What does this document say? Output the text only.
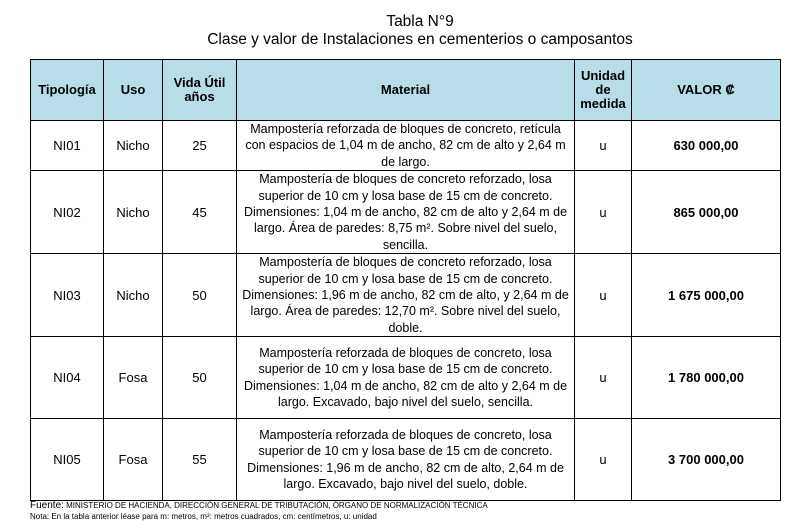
Tabla N°9
Clase y valor de Instalaciones en cementerios o camposantos
Tipología	Uso	Vida Útil años	Material	Unidad de medida	VALOR ₡
NI01	Nicho	25	Mampostería reforzada de bloques de concreto, retícula con espacios de 1,04 m de ancho, 82 cm de alto y 2,64 m de largo.	u	630 000,00
NI02	Nicho	45	Mampostería de bloques de concreto reforzado, losa superior de 10 cm y losa base de 15 cm de concreto. Dimensiones: 1,04 m de ancho, 82 cm de alto y 2,64 m de largo. Área de paredes: 8,75 m². Sobre nivel del suelo, sencilla.	u	865 000,00
NI03	Nicho	50	Mampostería de bloques de concreto reforzado, losa superior de 10 cm y losa base de 15 cm de concreto. Dimensiones: 1,96 m de ancho, 82 cm de alto, y 2,64 m de largo. Área de paredes: 12,70 m². Sobre nivel del suelo, doble.	u	1 675 000,00
NI04	Fosa	50	Mampostería reforzada de bloques de concreto, losa superior de 10 cm y losa base de 15 cm de concreto. Dimensiones: 1,04 m de ancho, 82 cm de alto y 2,64 m de largo. Excavado, bajo nivel del suelo, sencilla.	u	1 780 000,00
NI05	Fosa	55	Mampostería reforzada de bloques de concreto, losa superior de 10 cm y losa base de 15 cm de concreto. Dimensiones: 1,96 m de ancho, 82 cm de alto, 2,64 m de largo. Excavado, bajo nivel del suelo, doble.	u	3 700 000,00
Fuente: MINISTERIO DE HACIENDA, DIRECCIÓN GENERAL DE TRIBUTACIÓN, ÓRGANO DE NORMALIZACIÓN TÉCNICA
Nota: En la tabla anterior léase para m: metros, m²: metros cuadrados, cm: centímetros, u: unidad
